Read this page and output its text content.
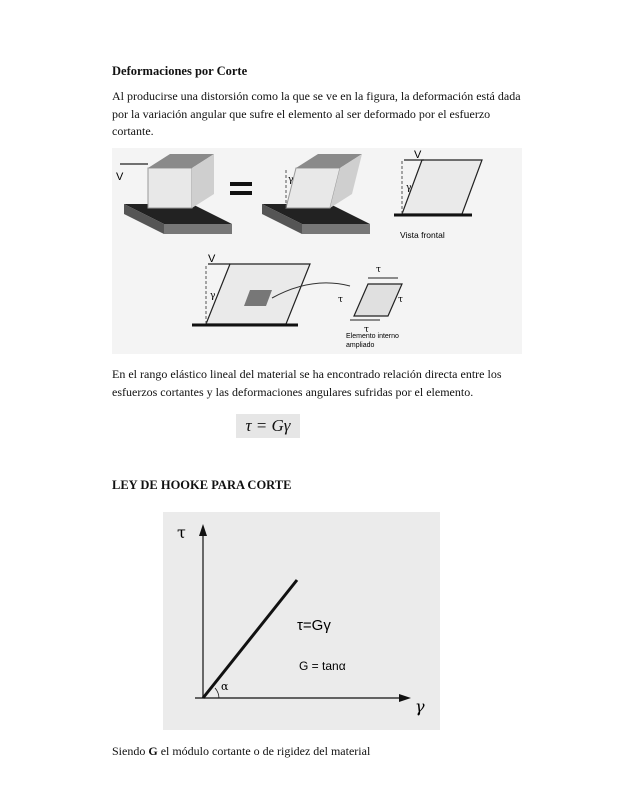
Deformaciones por Corte
Al producirse una distorsión como la que se ve en la figura, la deformación está dada por la variación angular que sufre el elemento al ser deformado por el esfuerzo cortante.
V	γ
V
γ
Vista frontal
V
γ
τ
τ	τ
τ
Elemento interno
ampliado
En el rango elástico lineal del material se ha encontrado relación directa entre los esfuerzos cortantes y las deformaciones angulares sufridas por el elemento.
τ = Gγ
LEY DE HOOKE PARA CORTE
τ
γ
α
τ=Gγ
G = tanα
Siendo G el módulo cortante o de rigidez del material
